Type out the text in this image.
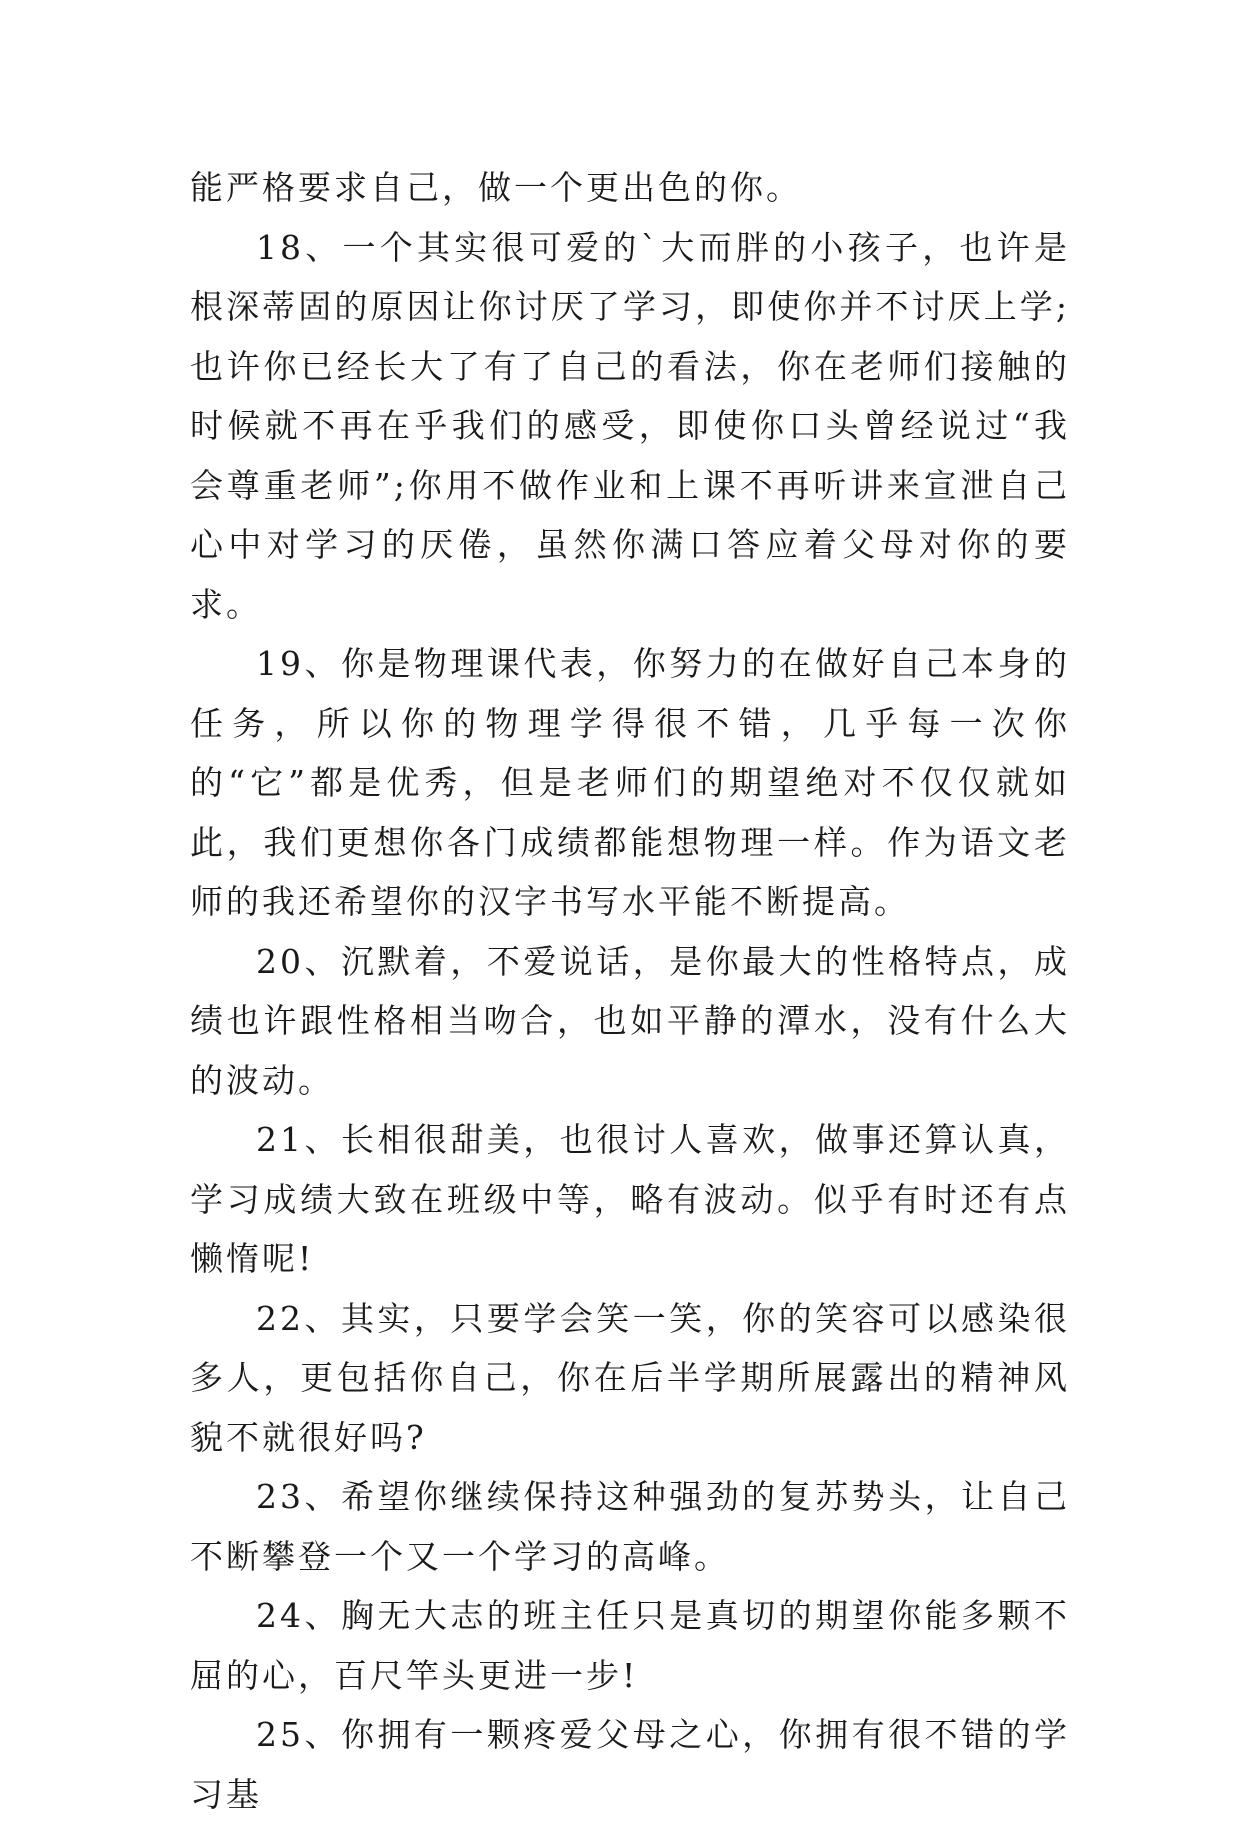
能严格要求自己，做一个更出色的你。

18、一个其实很可爱的`大而胖的小孩子，也许是根深蒂固的原因让你讨厌了学习，即使你并不讨厌上学;也许你已经长大了有了自己的看法，你在老师们接触的时候就不再在乎我们的感受，即使你口头曾经说过“我会尊重老师”;你用不做作业和上课不再听讲来宣泄自己心中对学习的厌倦，虽然你满口答应着父母对你的要求。

19、你是物理课代表，你努力的在做好自己本身的任务，所以你的物理学得很不错，几乎每一次你的“它”都是优秀，但是老师们的期望绝对不仅仅就如此，我们更想你各门成绩都能想物理一样。作为语文老师的我还希望你的汉字书写水平能不断提高。

20、沉默着，不爱说话，是你最大的性格特点，成绩也许跟性格相当吻合，也如平静的潭水，没有什么大的波动。

21、长相很甜美，也很讨人喜欢，做事还算认真，学习成绩大致在班级中等，略有波动。似乎有时还有点懒惰呢!

22、其实，只要学会笑一笑，你的笑容可以感染很多人，更包括你自己，你在后半学期所展露出的精神风貌不就很好吗?

23、希望你继续保持这种强劲的复苏势头，让自己不断攀登一个又一个学习的高峰。

24、胸无大志的班主任只是真切的期望你能多颗不屈的心，百尺竿头更进一步!

25、你拥有一颗疼爱父母之心，你拥有很不错的学习基
